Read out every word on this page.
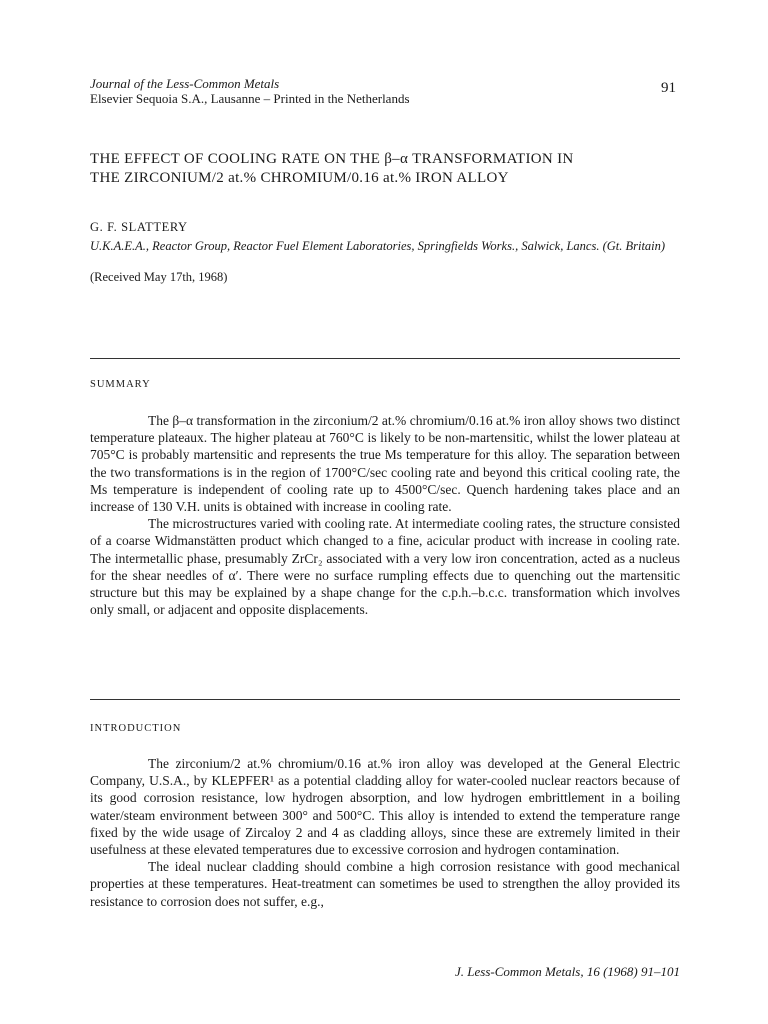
Journal of the Less-Common Metals
Elsevier Sequoia S.A., Lausanne – Printed in the Netherlands
91
THE EFFECT OF COOLING RATE ON THE β–α TRANSFORMATION IN
THE ZIRCONIUM/2 at.% CHROMIUM/0.16 at.% IRON ALLOY
G. F. SLATTERY
U.K.A.E.A., Reactor Group, Reactor Fuel Element Laboratories, Springfields Works., Salwick, Lancs. (Gt. Britain)
(Received May 17th, 1968)
SUMMARY

The β–α transformation in the zirconium/2 at.% chromium/0.16 at.% iron alloy shows two distinct temperature plateaux. The higher plateau at 760°C is likely to be non-martensitic, whilst the lower plateau at 705°C is probably martensitic and represents the true Ms temperature for this alloy. The separation between the two transformations is in the region of 1700°C/sec cooling rate and beyond this critical cooling rate, the Ms temperature is independent of cooling rate up to 4500°C/sec. Quench hardening takes place and an increase of 130 V.H. units is obtained with increase in cooling rate.

The microstructures varied with cooling rate. At intermediate cooling rates, the structure consisted of a coarse Widmanstätten product which changed to a fine, acicular product with increase in cooling rate. The intermetallic phase, presumably ZrCr₂ associated with a very low iron concentration, acted as a nucleus for the shear needles of α′. There were no surface rumpling effects due to quenching out the martensitic structure but this may be explained by a shape change for the c.p.h.–b.c.c. transformation which involves only small, or adjacent and opposite displacements.

INTRODUCTION

The zirconium/2 at.% chromium/0.16 at.% iron alloy was developed at the General Electric Company, U.S.A., by KLEPFER¹ as a potential cladding alloy for water-cooled nuclear reactors because of its good corrosion resistance, low hydrogen absorption, and low hydrogen embrittlement in a boiling water/steam environment between 300° and 500°C. This alloy is intended to extend the temperature range fixed by the wide usage of Zircaloy 2 and 4 as cladding alloys, since these are extremely limited in their usefulness at these elevated temperatures due to excessive corrosion and hydrogen contamination.

The ideal nuclear cladding should combine a high corrosion resistance with good mechanical properties at these temperatures. Heat-treatment can sometimes be used to strengthen the alloy provided its resistance to corrosion does not suffer, e.g.,

J. Less-Common Metals, 16 (1968) 91–101
